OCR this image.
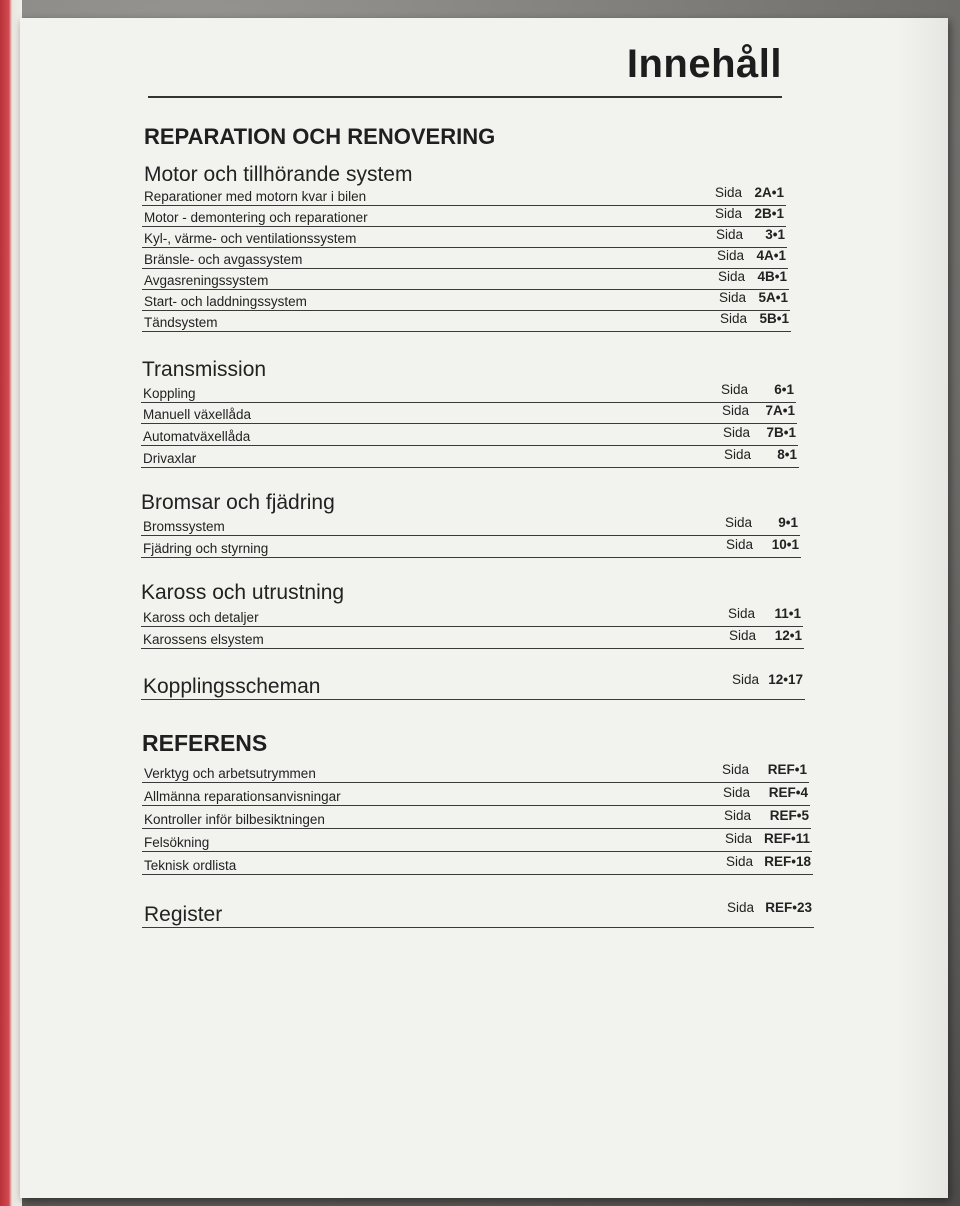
Innehåll
REPARATION OCH RENOVERING
Motor och tillhörande system
Reparationer med motorn kvar i bilen	Sida 2A•1
Motor - demontering och reparationer	Sida 2B•1
Kyl-, värme- och ventilationssystem	Sida 3•1
Bränsle- och avgassystem	Sida 4A•1
Avgasreningssystem	Sida 4B•1
Start- och laddningssystem	Sida 5A•1
Tändsystem	Sida 5B•1
Transmission
Koppling	Sida 6•1
Manuell växellåda	Sida 7A•1
Automatväxellåda	Sida 7B•1
Drivaxlar	Sida 8•1
Bromsar och fjädring
Bromssystem	Sida 9•1
Fjädring och styrning	Sida 10•1
Kaross och utrustning
Kaross och detaljer	Sida 11•1
Karossens elsystem	Sida 12•1
Kopplingsscheman	Sida 12•17
REFERENS
Verktyg och arbetsutrymmen	Sida REF•1
Allmänna reparationsanvisningar	Sida REF•4
Kontroller inför bilbesiktningen	Sida REF•5
Felsökning	Sida REF•11
Teknisk ordlista	Sida REF•18
Register	Sida REF•23
